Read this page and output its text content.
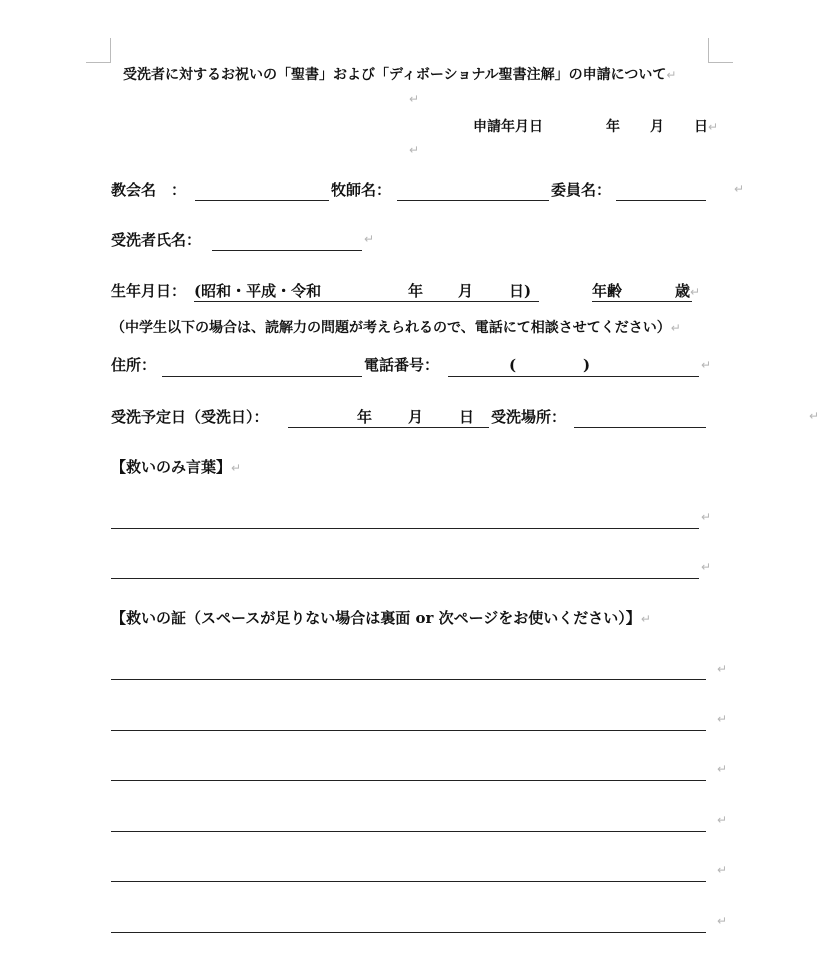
受洗者に対するお祝いの「聖書」および「ディボーショナル聖書注解」の申請について↵
↵
申請年月日	年 月 日↵
↵
教会名　：	牧師名：	委員名：	↵
受洗者氏名：	↵
生年月日： (昭和・平成・令和	年 月 日)	年齢	歳↵
（中学生以下の場合は、読解力の問題が考えられるので、電話にて相談させてください）↵
住所：	電話番号：	(	)	↵
受洗予定日（受洗日）：	年 月 日 受洗場所：	↵
【救いのみ言葉】↵
↵
↵
【救いの証（スペースが足りない場合は裏面 or 次ページをお使いください）】↵
↵
↵
↵
↵
↵
↵
